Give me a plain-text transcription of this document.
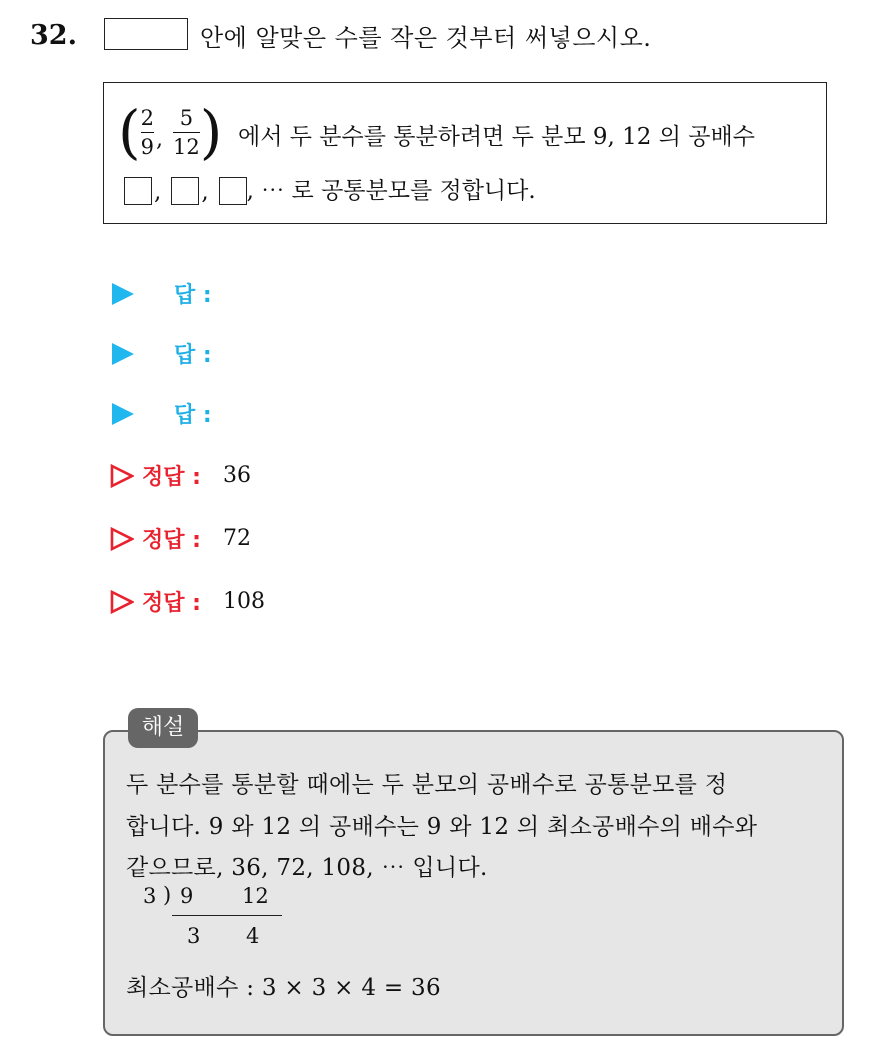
32.	안에 알맞은 수를 작은 것부터 써넣으시오.
( $\frac{2}{9}$ , $\frac{5}{12}$ ) 에서 두 분수를 통분하려면 두 분모 9, 12 의 공배수
, , , ⋯ 로 공통분모를 정합니다.
답 :
답 :
답 :
정답 : 36
정답 : 72
정답 : 108
해설
두 분수를 통분할 때에는 두 분모의 공배수로 공통분모를 정
합니다. 9 와 12 의 공배수는 9 와 12 의 최소공배수의 배수와
같으므로, 36, 72, 108, ⋯ 입니다.
3 ) 9 12
3 4
최소공배수 : 3 × 3 × 4 = 36
